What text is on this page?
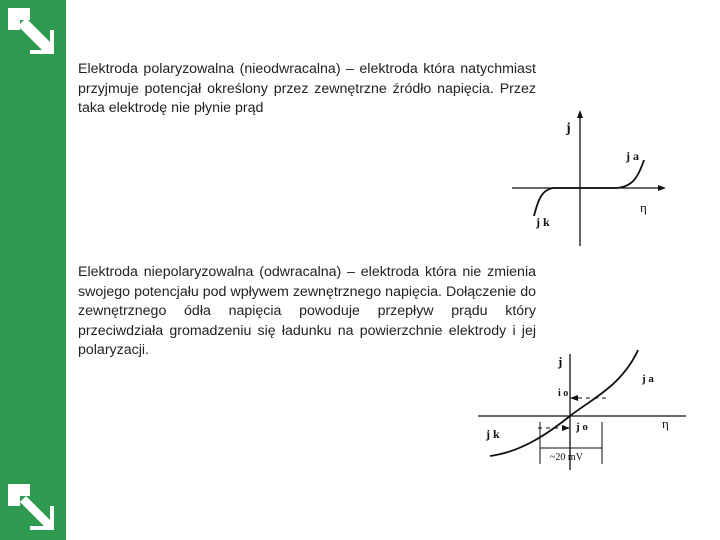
Elektroda polaryzowalna (nieodwracalna) – elektroda która natychmiast przyjmuje potencjał określony przez zewnętrzne źródło napięcia. Przez taka elektrodę nie płynie prąd

Elektroda niepolaryzowalna (odwracalna) – elektroda która nie zmienia swojego potencjału pod wpływem zewnętrznego napięcia. Dołączenie do zewnętrznego ódła napięcia powoduje przepływ prądu który przeciwdziała gromadzeniu się ładunku na powierzchnie elektrody i jej polaryzacji.

j
j a
η
j k
j
j a
i o
j o	η
j k
~20 mV
